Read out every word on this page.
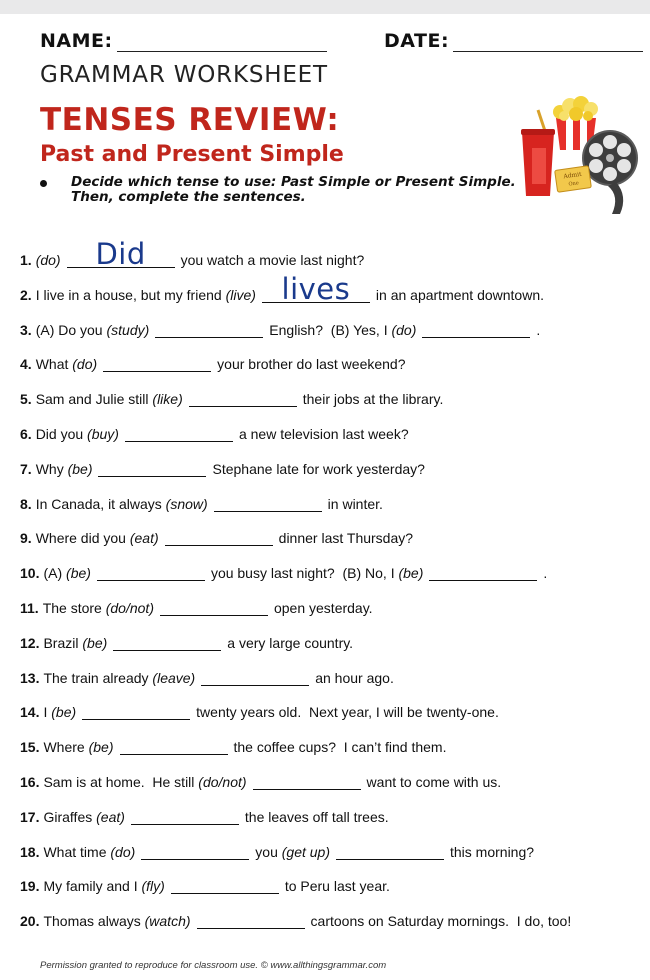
NAME:	DATE:
GRAMMAR WORKSHEET
TENSES REVIEW:
Past and Present Simple
Decide which tense to use: Past Simple or Present Simple.
Then, complete the sentences.
Admit
One
1. (do)	Did	you watch a movie last night?
2. I live in a house, but my friend (live) lives	in an apartment downtown.
3. (A) Do you (study)	English?  (B) Yes, I (do)	.
4. What (do)	your brother do last weekend?
5. Sam and Julie still (like)	their jobs at the library.
6. Did you (buy)	a new television last week?
7. Why (be)	Stephane late for work yesterday?
8. In Canada, it always (snow)	in winter.
9. Where did you (eat)	dinner last Thursday?
10. (A) (be)	you busy last night?  (B) No, I (be)	.
11. The store (do/not)	open yesterday.
12. Brazil (be)	a very large country.
13. The train already (leave)	an hour ago.
14. I (be)	twenty years old.  Next year, I will be twenty-one.
15. Where (be)	the coffee cups?  I can’t find them.
16. Sam is at home.  He still (do/not)	want to come with us.
17. Giraffes (eat)	the leaves off tall trees.
18. What time (do)	you (get up)	this morning?
19. My family and I (fly)	to Peru last year.
20. Thomas always (watch)	cartoons on Saturday mornings.  I do, too!
Permission granted to reproduce for classroom use. © www.allthingsgrammar.com
